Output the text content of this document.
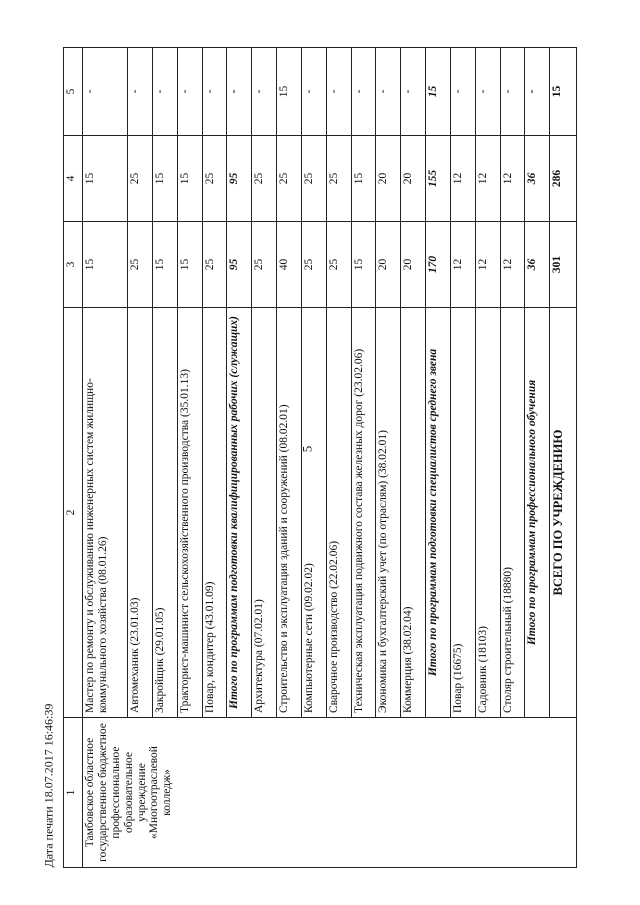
5
Дата печати 18.07.2017 16:46:39 1	2	3	4	5
Тамбовское областное государственное бюджетное профессиональное образовательное учреждение «Многоотраслевой колледж»	Мастер по ремонту и обслуживанию инженерных систем жилищно-коммунального хозяйства (08.01.26)	15	15	-
	Автомеханик (23.01.03)	25	25	-
	Закройщик (29.01.05)	15	15	-
	Тракторист-машинист сельскохозяйственного производства (35.01.13)	15	15	-
	Повар, кондитер (43.01.09)	25	25	-
	Итого по программам подготовки квалифицированных рабочих (служащих)	95	95	-
	Архитектура (07.02.01)	25	25	-
	Строительство и эксплуатация зданий и сооружений (08.02.01)	40	25	15
	Компьютерные сети (09.02.02)	25	25	-
	Сварочное производство (22.02.06)	25	25	-
	Техническая эксплуатация подвижного состава железных дорог (23.02.06)	15	15	-
	Экономика и бухгалтерский учет (по отраслям) (38.02.01)	20	20	-
	Коммерция (38.02.04)	20	20	-
	Итого по программам подготовки специалистов среднего звена	170	155	15
	Повар (16675)	12	12	-
	Садовник (18103)	12	12	-
	Столяр строительный (18880)	12	12	-
	Итого по программам профессионального обучения	36	36	-
	ВСЕГО ПО УЧРЕЖДЕНИЮ	301	286	15
